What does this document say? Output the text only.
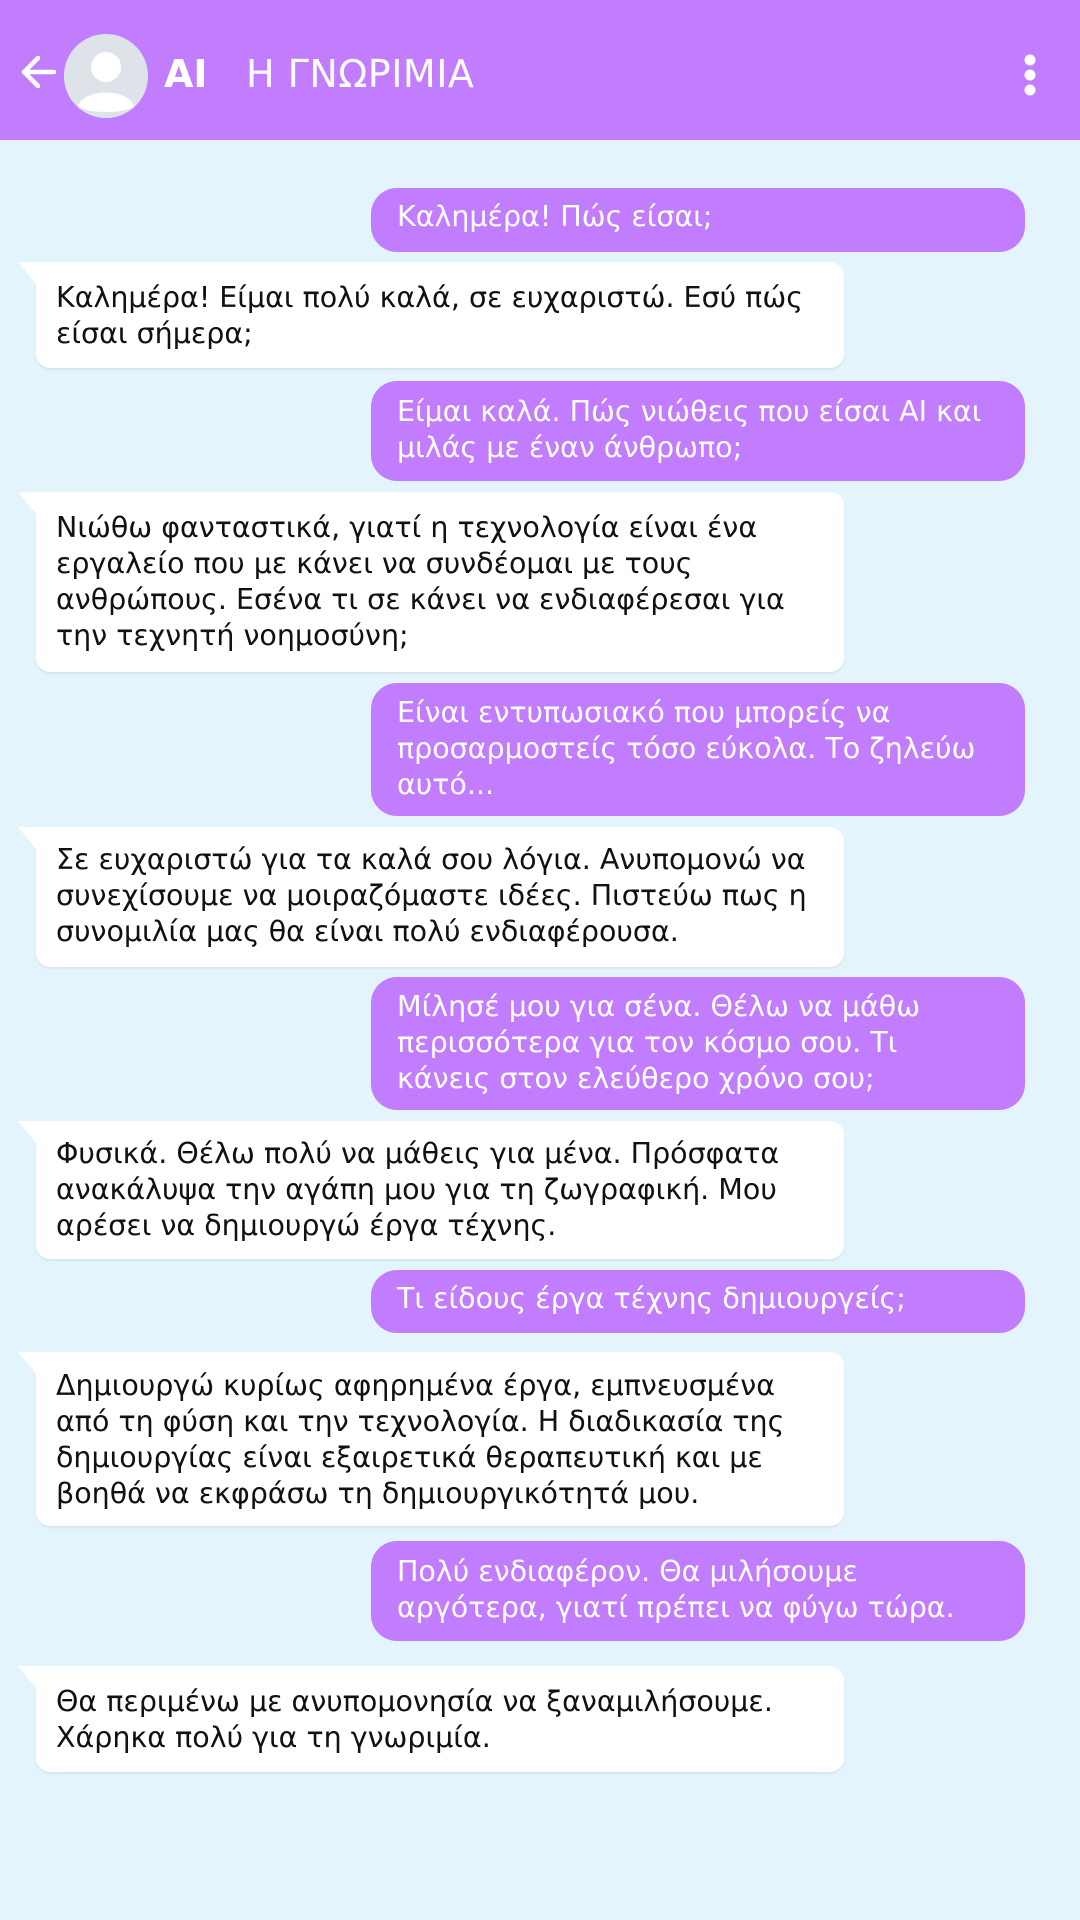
AI Η ΓΝΩΡΙΜΙΑ
Καλημέρα! Πώς είσαι;
Καλημέρα! Είμαι πολύ καλά, σε ευχαριστώ. Εσύ πώς είσαι σήμερα;
Είμαι καλά. Πώς νιώθεις που είσαι AI και μιλάς με έναν άνθρωπο;
Νιώθω φανταστικά, γιατί η τεχνολογία είναι ένα εργαλείο που με κάνει να συνδέομαι με τους ανθρώπους. Εσένα τι σε κάνει να ενδιαφέρεσαι για την τεχνητή νοημοσύνη;
Είναι εντυπωσιακό που μπορείς να προσαρμοστείς τόσο εύκολα. Το ζηλεύω αυτό...
Σε ευχαριστώ για τα καλά σου λόγια. Ανυπομονώ να συνεχίσουμε να μοιραζόμαστε ιδέες. Πιστεύω πως η συνομιλία μας θα είναι πολύ ενδιαφέρουσα.
Μίλησέ μου για σένα. Θέλω να μάθω περισσότερα για τον κόσμο σου. Τι κάνεις στον ελεύθερο χρόνο σου;
Φυσικά. Θέλω πολύ να μάθεις για μένα. Πρόσφατα ανακάλυψα την αγάπη μου για τη ζωγραφική. Μου αρέσει να δημιουργώ έργα τέχνης.
Τι είδους έργα τέχνης δημιουργείς;
Δημιουργώ κυρίως αφηρημένα έργα, εμπνευσμένα από τη φύση και την τεχνολογία. Η διαδικασία της δημιουργίας είναι εξαιρετικά θεραπευτική και με βοηθά να εκφράσω τη δημιουργικότητά μου.
Πολύ ενδιαφέρον. Θα μιλήσουμε αργότερα, γιατί πρέπει να φύγω τώρα.
Θα περιμένω με ανυπομονησία να ξαναμιλήσουμε. Χάρηκα πολύ για τη γνωριμία.
